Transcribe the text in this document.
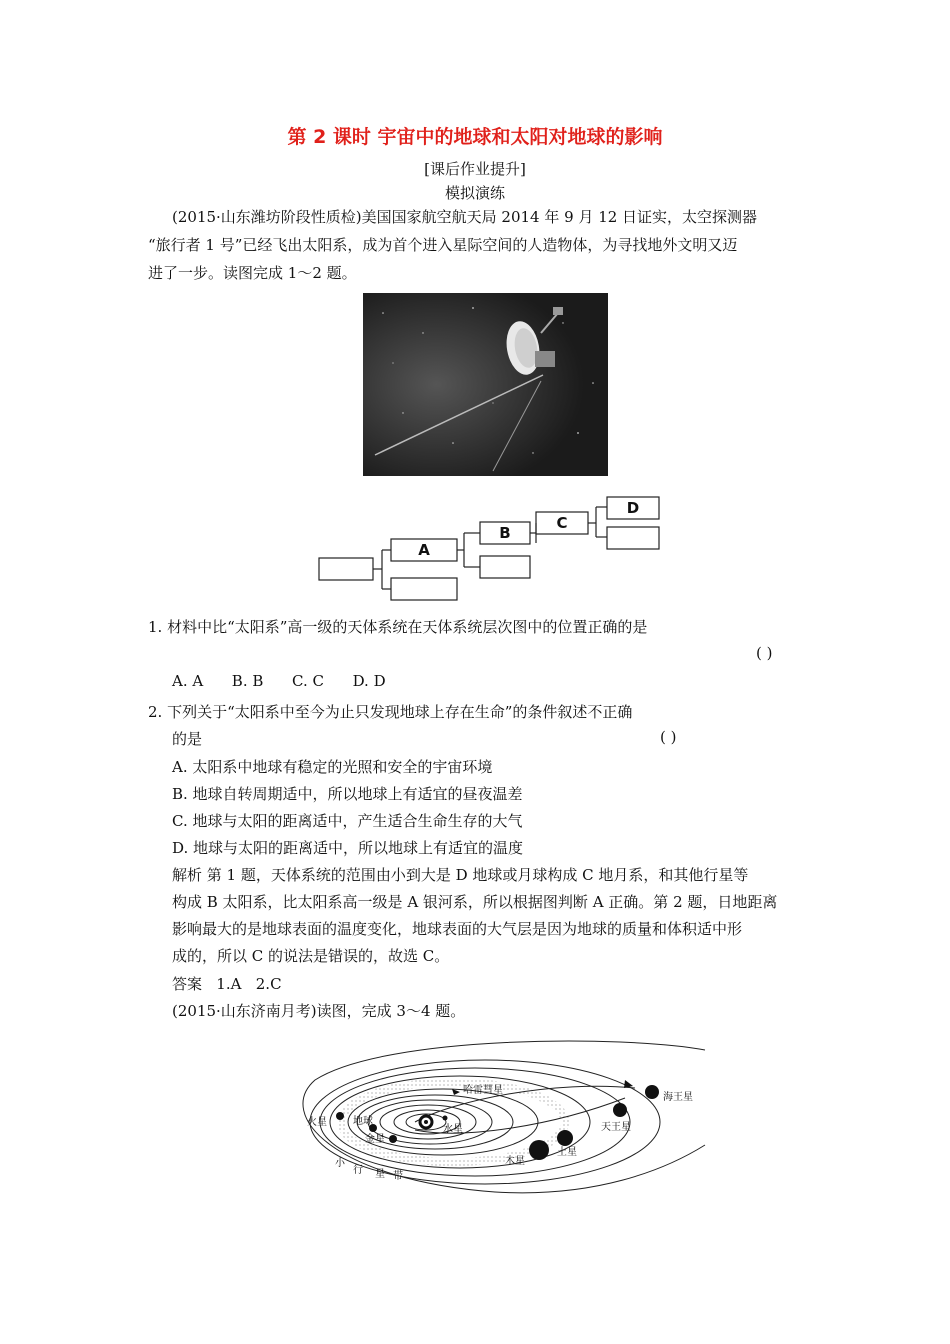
第 2 课时 宇宙中的地球和太阳对地球的影响
[课后作业提升]
模拟演练
(2015·山东潍坊阶段性质检)美国国家航空航天局 2014 年 9 月 12 日证实，太空探测器
“旅行者 1 号”已经飞出太阳系，成为首个进入星际空间的人造物体，为寻找地外文明又迈
进了一步。读图完成 1～2 题。
A
B
C
D
1. 材料中比“太阳系”高一级的天体系统在天体系统层次图中的位置正确的是
( )
A. A      B. B      C. C      D. D
2. 下列关于“太阳系中至今为止只发现地球上存在生命”的条件叙述不正确
的是	( )
A. 太阳系中地球有稳定的光照和安全的宇宙环境
B. 地球自转周期适中，所以地球上有适宜的昼夜温差
C. 地球与太阳的距离适中，产生适合生命生存的大气
D. 地球与太阳的距离适中，所以地球上有适宜的温度
解析 第 1 题，天体系统的范围由小到大是 D 地球或月球构成 C 地月系，和其他行星等
构成 B 太阳系，比太阳系高一级是 A 银河系，所以根据图判断 A 正确。第 2 题，日地距离
影响最大的是地球表面的温度变化，地球表面的大气层是因为地球的质量和体积适中形
成的，所以 C 的说法是错误的，故选 C。
答案   1.A   2.C
(2015·山东济南月考)读图，完成 3～4 题。
哈雷彗星
海王星
天王星
土星
木星
火星	地球
金星
水星
小
行 星 带
